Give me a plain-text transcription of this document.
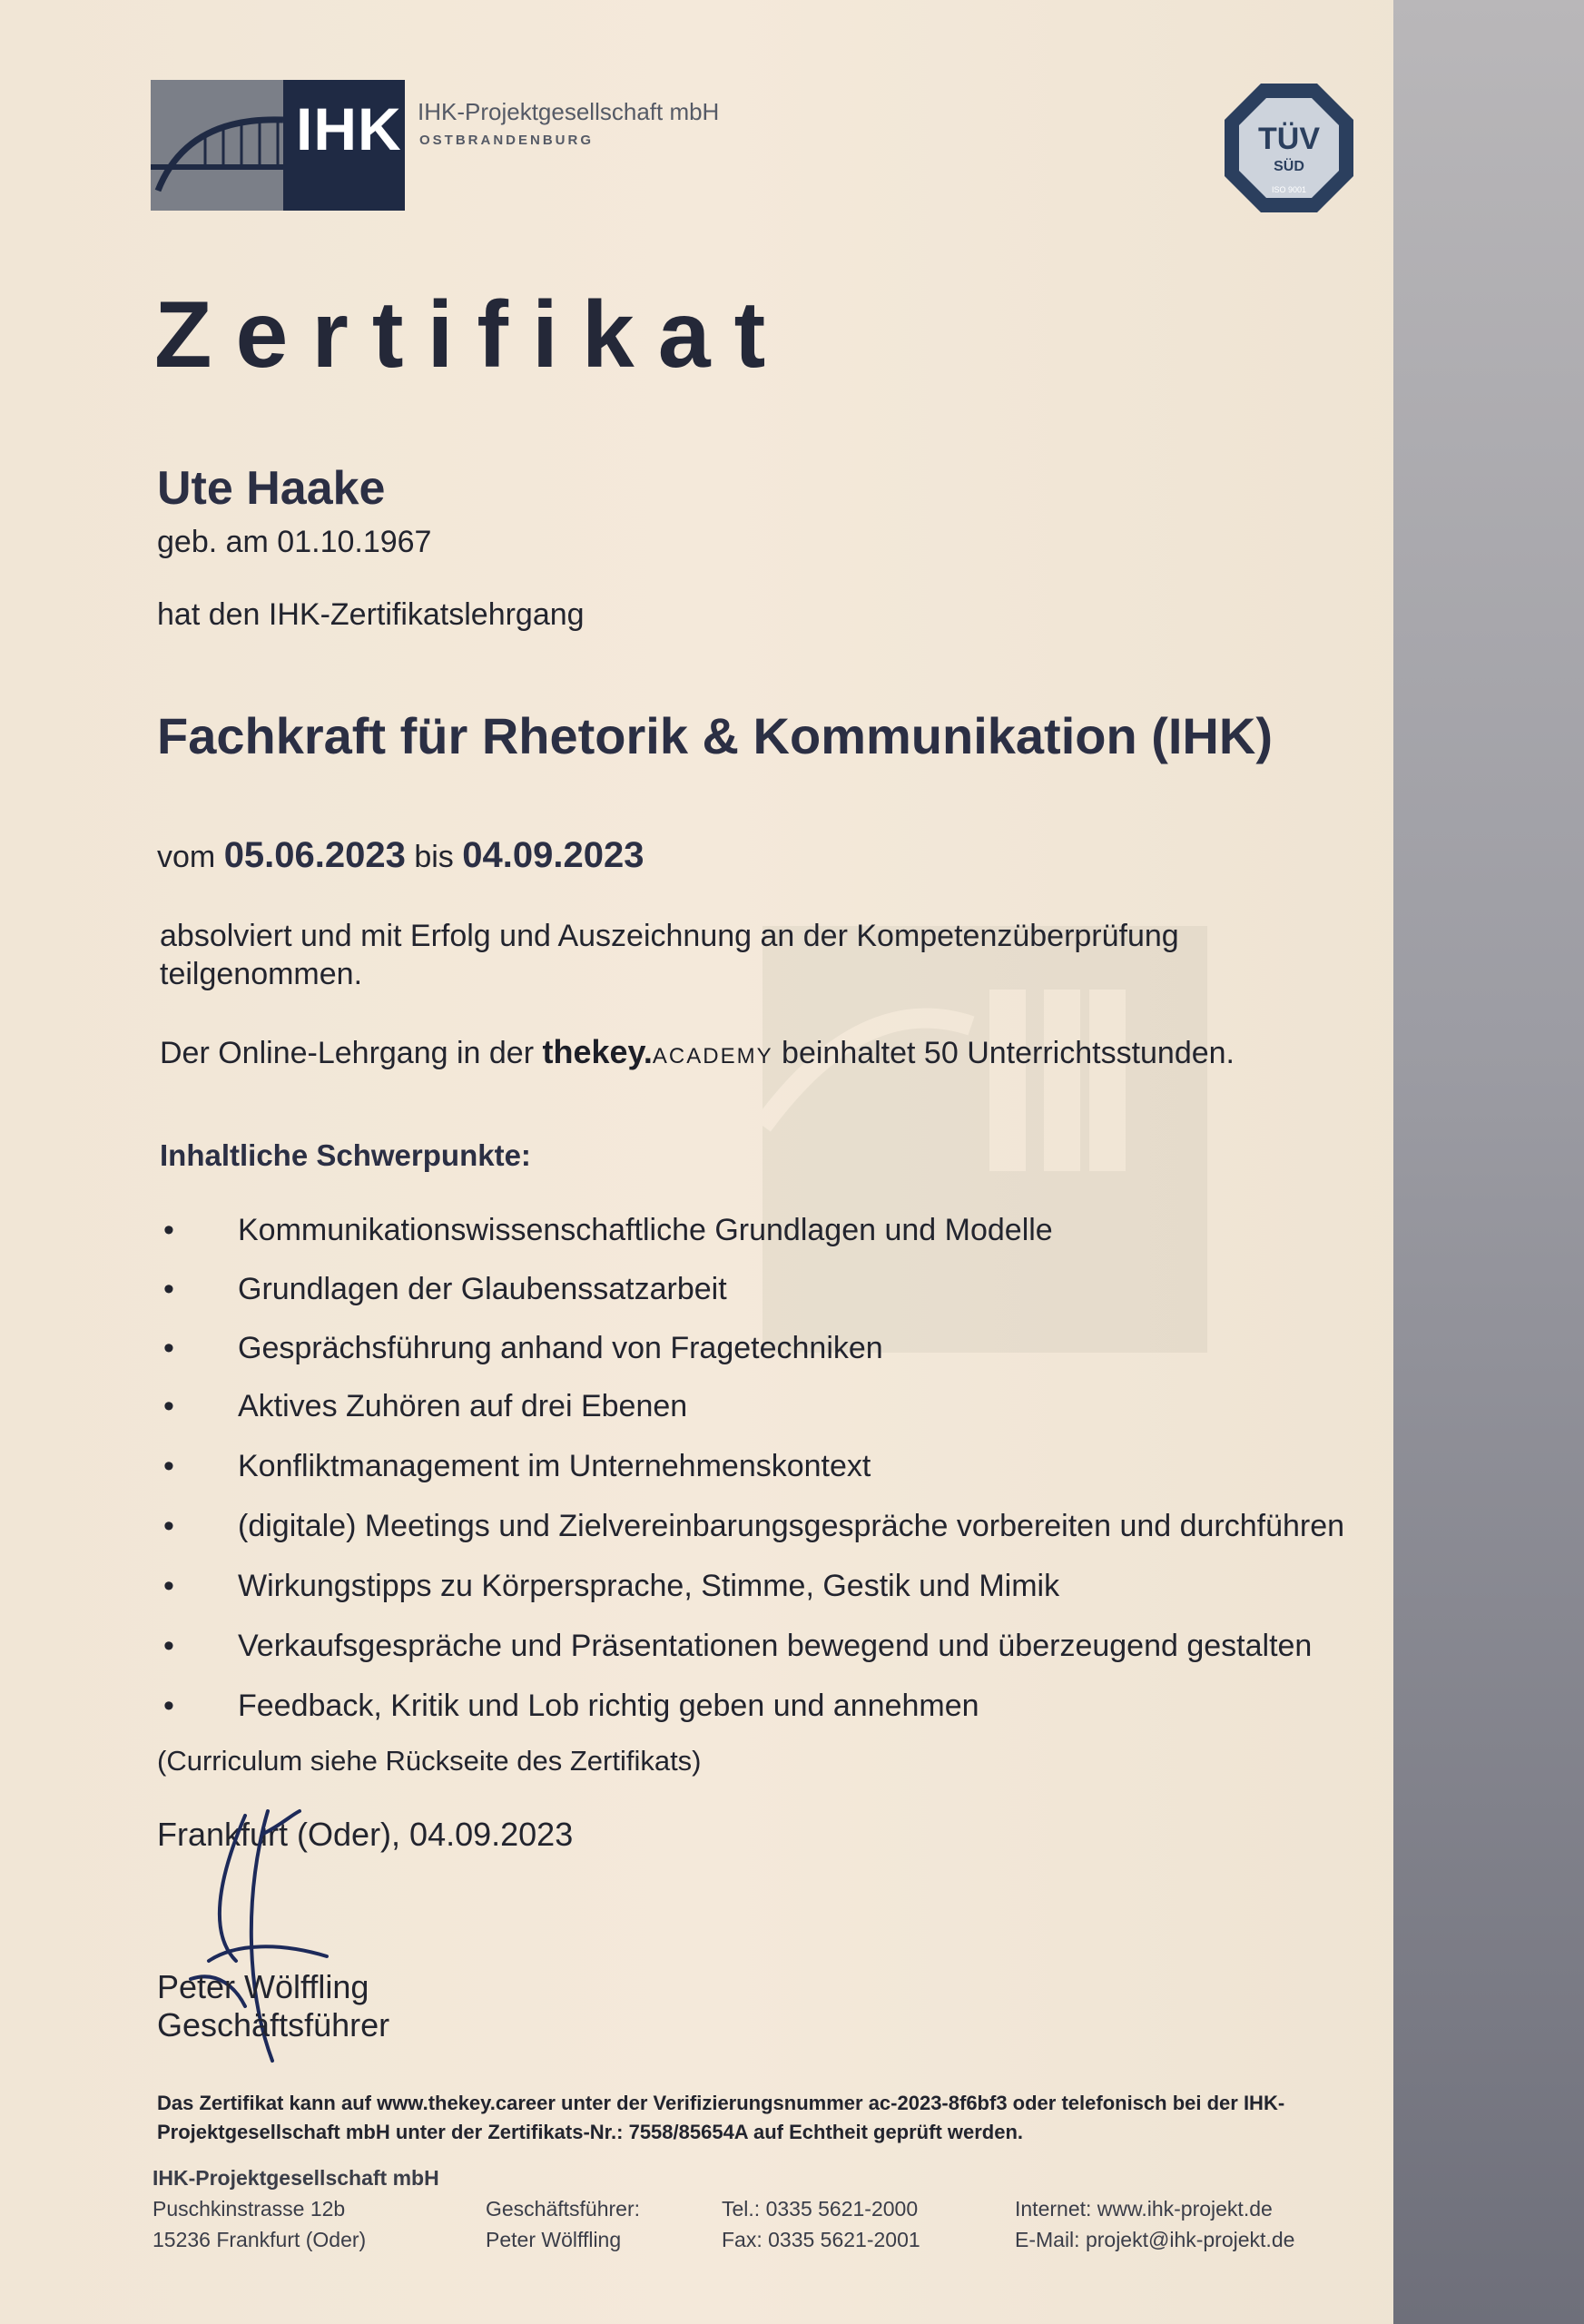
IHK IHK-Projektgesellschaft mbH
OSTBRANDENBURG	TÜV
SÜD
ISO 9001
Zertifikat
Ute Haake
geb. am 01.10.1967
hat den IHK-Zertifikatslehrgang
Fachkraft für Rhetorik & Kommunikation (IHK)
vom 05.06.2023 bis 04.09.2023
absolviert und mit Erfolg und Auszeichnung an der Kompetenzüberprüfung
teilgenommen.
Der Online-Lehrgang in der thekey.ACADEMY beinhaltet 50 Unterrichtsstunden.
Inhaltliche Schwerpunkte:
• Kommunikationswissenschaftliche Grundlagen und Modelle
• Grundlagen der Glaubenssatzarbeit
• Gesprächsführung anhand von Fragetechniken
• Aktives Zuhören auf drei Ebenen
• Konfliktmanagement im Unternehmenskontext
• (digitale) Meetings und Zielvereinbarungsgespräche vorbereiten und durchführen
• Wirkungstipps zu Körpersprache, Stimme, Gestik und Mimik
• Verkaufsgespräche und Präsentationen bewegend und überzeugend gestalten
• Feedback, Kritik und Lob richtig geben und annehmen
(Curriculum siehe Rückseite des Zertifikats)
Frankfurt (Oder), 04.09.2023
Peter Wölffling
Geschäftsführer
Das Zertifikat kann auf www.thekey.career unter der Verifizierungsnummer ac-2023-8f6bf3 oder telefonisch bei der IHK-
Projektgesellschaft mbH unter der Zertifikats-Nr.: 7558/85654A auf Echtheit geprüft werden.
IHK-Projektgesellschaft mbH
Puschkinstrasse 12b
15236 Frankfurt (Oder)
Geschäftsführer:
Peter Wölffling
Tel.: 0335 5621-2000
Fax: 0335 5621-2001
Internet: www.ihk-projekt.de
E-Mail: projekt@ihk-projekt.de
